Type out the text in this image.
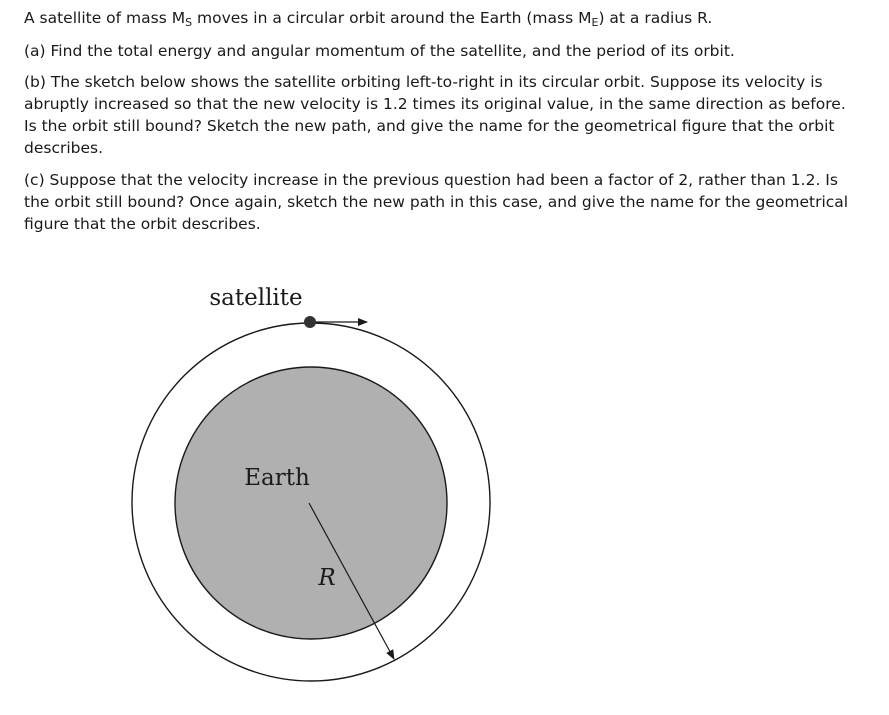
A satellite of mass $M_S$ moves in a circular orbit around the Earth (mass $M_E$) at a radius R.

(a) Find the total energy and angular momentum of the satellite, and the period of its orbit.

(b) The sketch below shows the satellite orbiting left-to-right in its circular orbit. Suppose its velocity is abruptly increased so that the new velocity is 1.2 times its original value, in the same direction as before. Is the orbit still bound? Sketch the new path, and give the name for the geometrical figure that the orbit describes.

(c) Suppose that the velocity increase in the previous question had been a factor of 2, rather than 1.2. Is the orbit still bound? Once again, sketch the new path in this case, and give the name for the geometrical figure that the orbit describes.

satellite
Earth
R
